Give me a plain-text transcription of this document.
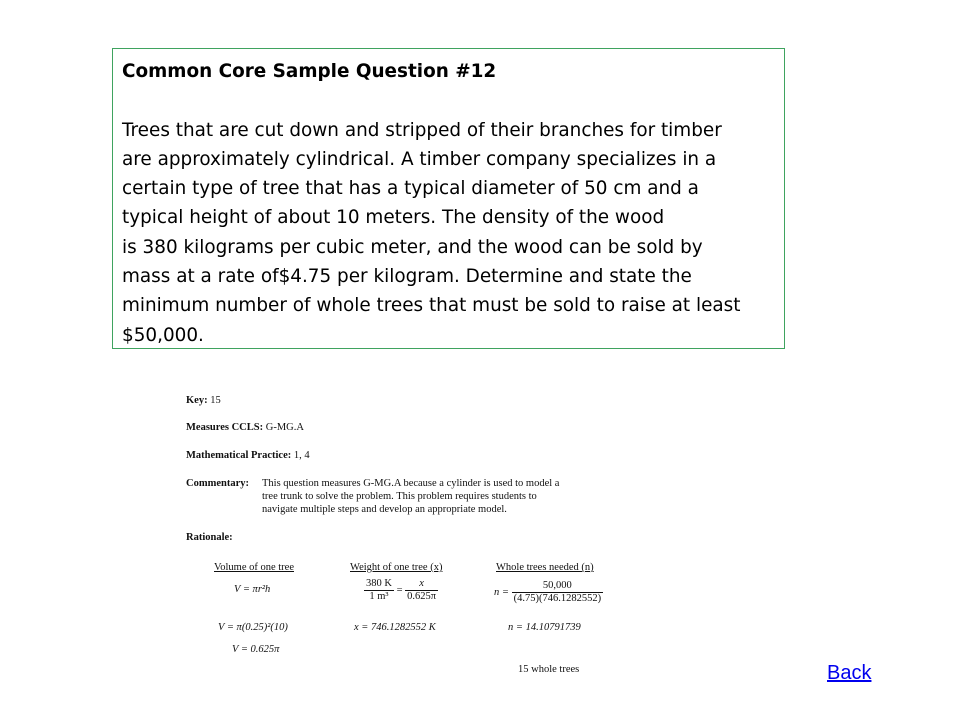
Common Core Sample Question #12
Trees that are cut down and stripped of their branches for timber
are approximately cylindrical. A timber company specializes in a
certain type of tree that has a typical diameter of 50 cm and a
typical height of about 10 meters. The density of the wood
is 380 kilograms per cubic meter, and the wood can be sold by
mass at a rate of$4.75 per kilogram. Determine and state the
minimum number of whole trees that must be sold to raise at least
$50,000.
Key: 15
Measures CCLS: G-MG.A
Mathematical Practice: 1, 4
Commentary: This question measures G-MG.A because a cylinder is used to model a
tree trunk to solve the problem. This problem requires students to
navigate multiple steps and develop an appropriate model.
Rationale:
Volume of one tree
V = πr²h
V = π(0.25)²(10)
V = 0.625π
Weight of one tree (x)
$\frac{380 K}{\text{1 m³}} = \frac{x}{0.625\pi}$
x = 746.1282552 K
Whole trees needed (n)
$n = \frac{50,000}{(4.75)(746.1282552)}$
n = 14.10791739
15 whole trees	Back
